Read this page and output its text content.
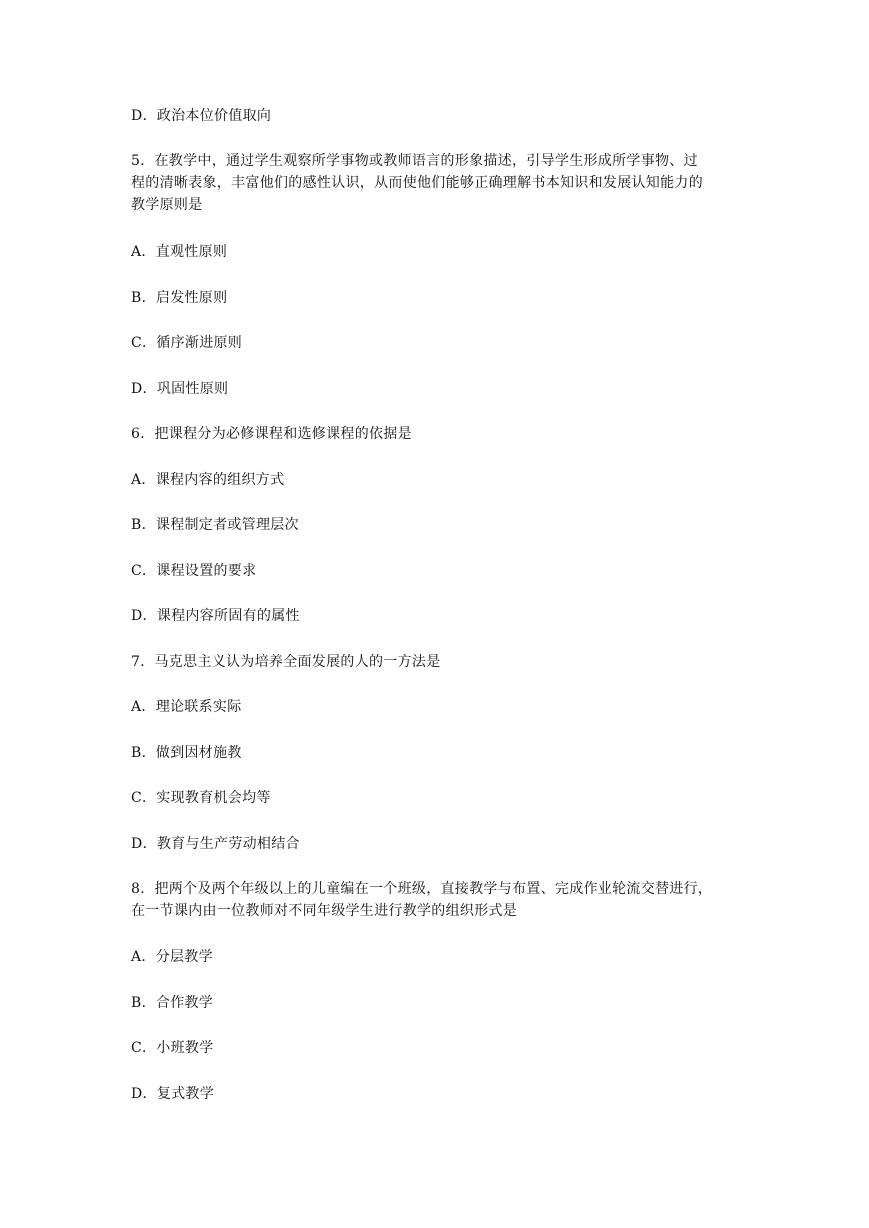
D．政治本位价值取向
5．在教学中，通过学生观察所学事物或教师语言的形象描述，引导学生形成所学事物、过
程的清晰表象，丰富他们的感性认识，从而使他们能够正确理解书本知识和发展认知能力的
教学原则是
A．直观性原则
B．启发性原则
C．循序渐进原则
D．巩固性原则
6．把课程分为必修课程和选修课程的依据是
A．课程内容的组织方式
B．课程制定者或管理层次
C．课程设置的要求
D．课程内容所固有的属性
7．马克思主义认为培养全面发展的人的一方法是
A．理论联系实际
B．做到因材施教
C．实现教育机会均等
D．教育与生产劳动相结合
8．把两个及两个年级以上的儿童编在一个班级，直接教学与布置、完成作业轮流交替进行，
在一节课内由一位教师对不同年级学生进行教学的组织形式是
A．分层教学
B．合作教学
C．小班教学
D．复式教学
